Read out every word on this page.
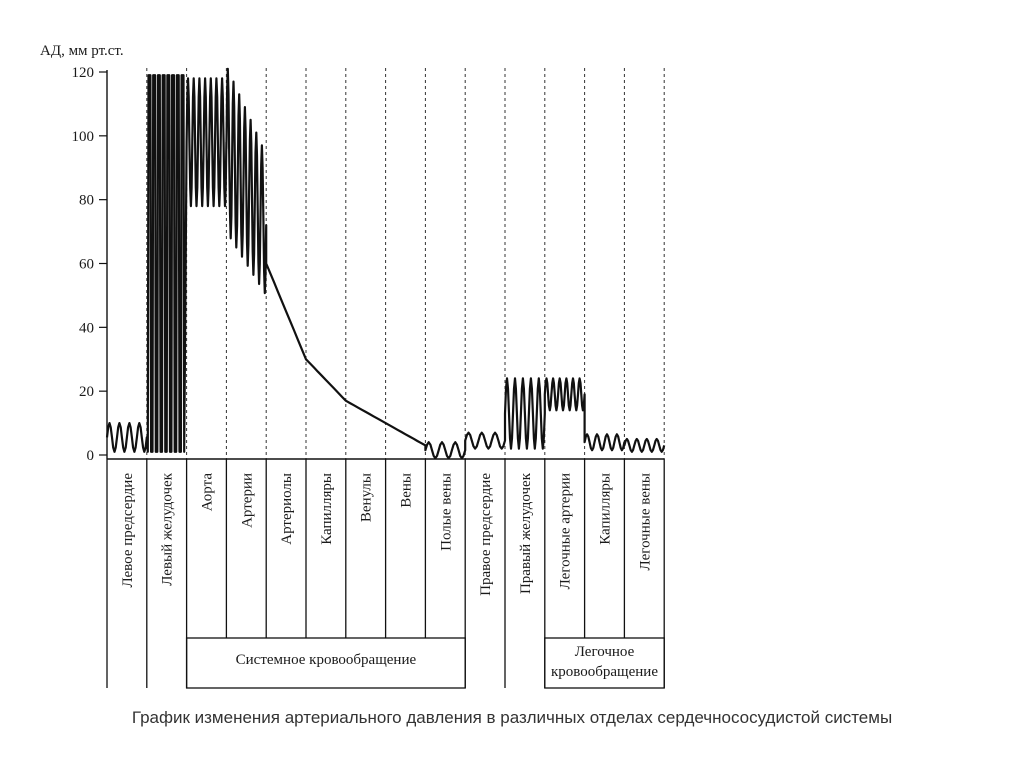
АД, мм рт.ст.
0
20
40
60
80
100
120
Левое предсердие Левый желудочек Аорта Артерии Артериолы Капилляры Венулы Вены Полые вены Правое предсердие Правый желудочек Легочные артерии Капилляры Легочные вены
Системное кровообращение	Легочное
кровообращение
График изменения артериального давления в различных отделах сердечнососудистой системы
